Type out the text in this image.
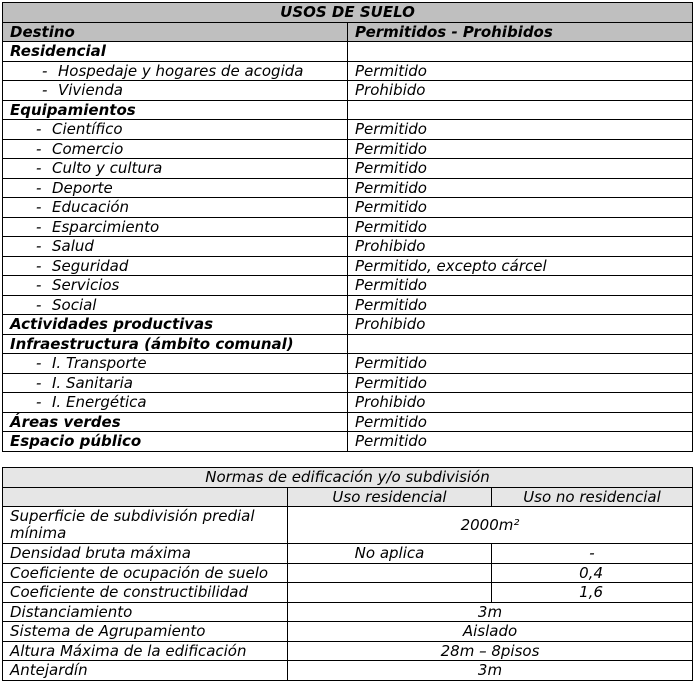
USOS DE SUELO	
Destino	Permitidos - Prohibidos
Residencial	
- Hospedaje y hogares de acogida	Permitido
- Vivienda	Prohibido
Equipamientos	
- Científico	Permitido
- Comercio	Permitido
- Culto y cultura	Permitido
- Deporte	Permitido
- Educación	Permitido
- Esparcimiento	Permitido
- Salud	Prohibido
- Seguridad	Permitido, excepto cárcel
- Servicios	Permitido
- Social	Permitido
Actividades productivas	Prohibido
Infraestructura (ámbito comunal)	
- I. Transporte	Permitido
- I. Sanitaria	Permitido
- I. Energética	Prohibido
Áreas verdes	Permitido
Espacio público	Permitido
Normas de edificación y/o subdivisión		
	Uso residencial	Uso no residencial
Superficie de subdivisión predial mínima	2000m²	
Densidad bruta máxima	No aplica	-
Coeficiente de ocupación de suelo		0,4
Coeficiente de constructibilidad		1,6
Distanciamiento	3m	
Sistema de Agrupamiento	Aislado	
Altura Máxima de la edificación	28m – 8pisos	
Antejardín	3m	
